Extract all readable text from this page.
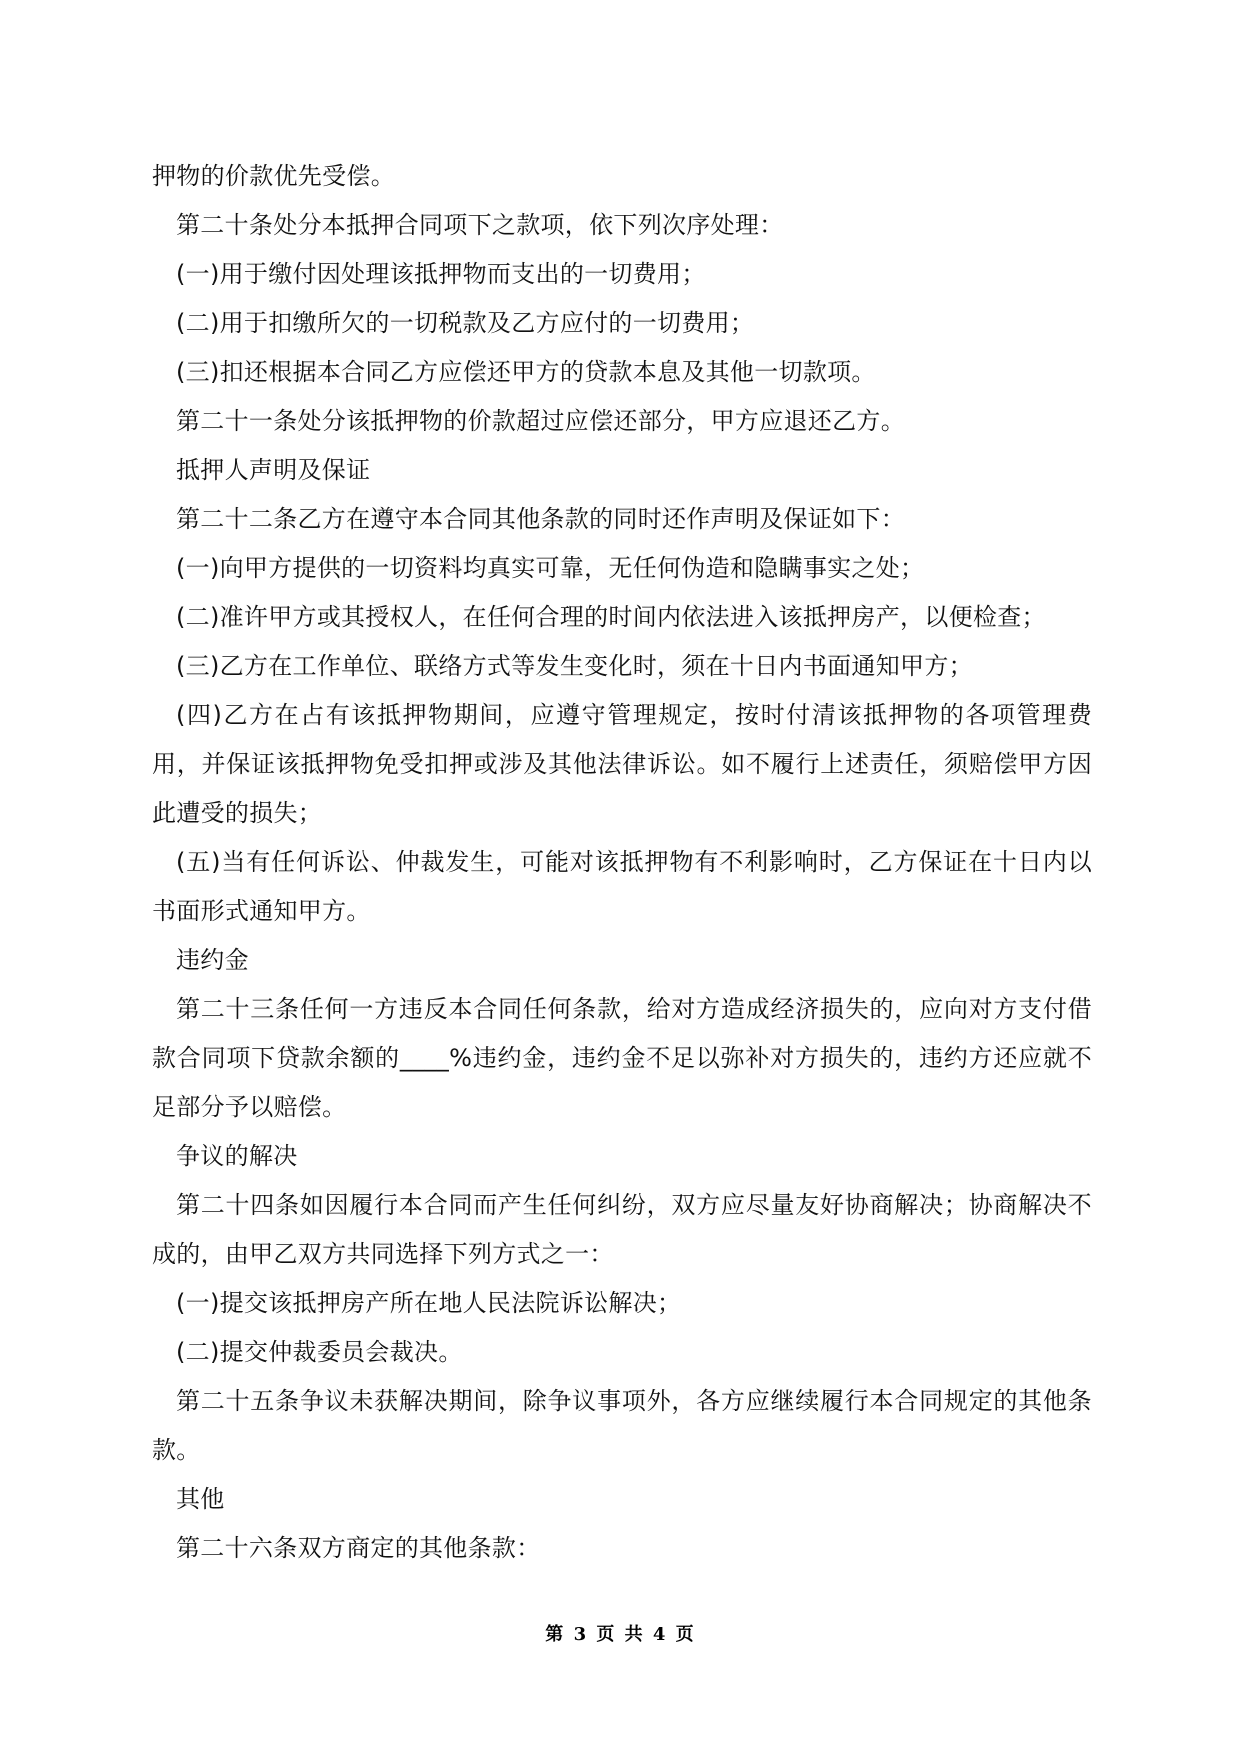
押物的价款优先受偿。

第二十条处分本抵押合同项下之款项，依下列次序处理：

(一)用于缴付因处理该抵押物而支出的一切费用；

(二)用于扣缴所欠的一切税款及乙方应付的一切费用；

(三)扣还根据本合同乙方应偿还甲方的贷款本息及其他一切款项。

第二十一条处分该抵押物的价款超过应偿还部分，甲方应退还乙方。

抵押人声明及保证

第二十二条乙方在遵守本合同其他条款的同时还作声明及保证如下：

(一)向甲方提供的一切资料均真实可靠，无任何伪造和隐瞒事实之处；

(二)准许甲方或其授权人，在任何合理的时间内依法进入该抵押房产，以便检查；

(三)乙方在工作单位、联络方式等发生变化时，须在十日内书面通知甲方；

(四)乙方在占有该抵押物期间，应遵守管理规定，按时付清该抵押物的各项管理费用，并保证该抵押物免受扣押或涉及其他法律诉讼。如不履行上述责任，须赔偿甲方因此遭受的损失；

(五)当有任何诉讼、仲裁发生，可能对该抵押物有不利影响时，乙方保证在十日内以书面形式通知甲方。

违约金

第二十三条任何一方违反本合同任何条款，给对方造成经济损失的，应向对方支付借款合同项下贷款余额的____%违约金，违约金不足以弥补对方损失的，违约方还应就不足部分予以赔偿。

争议的解决

第二十四条如因履行本合同而产生任何纠纷，双方应尽量友好协商解决；协商解决不成的，由甲乙双方共同选择下列方式之一：

(一)提交该抵押房产所在地人民法院诉讼解决；

(二)提交仲裁委员会裁决。

第二十五条争议未获解决期间，除争议事项外，各方应继续履行本合同规定的其他条款。

其他

第二十六条双方商定的其他条款：

第 3 页 共 4 页
